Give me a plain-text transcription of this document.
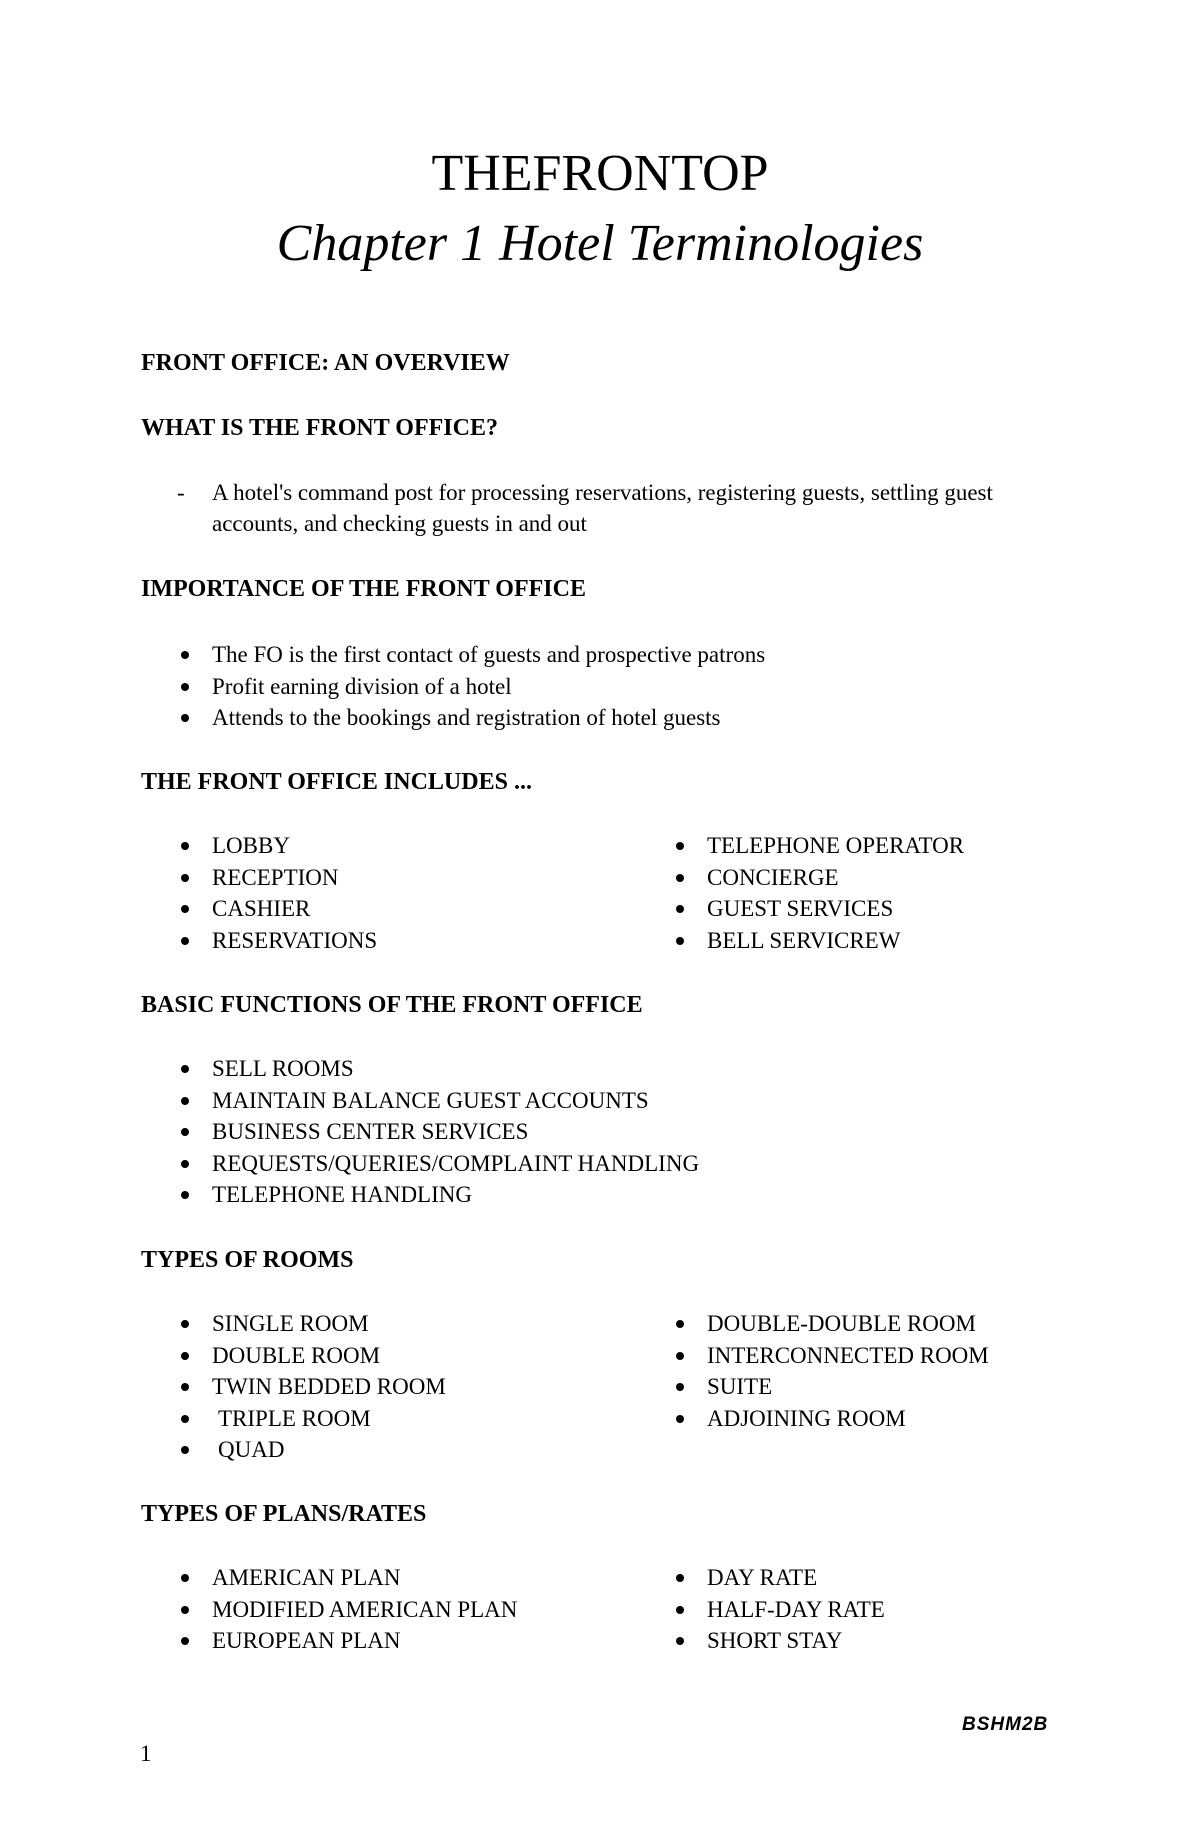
THEFRONTOP
Chapter 1 Hotel Terminologies
FRONT OFFICE: AN OVERVIEW
WHAT IS THE FRONT OFFICE?
- A hotel's command post for processing reservations, registering guests, settling guest accounts, and checking guests in and out
IMPORTANCE OF THE FRONT OFFICE
The FO is the first contact of guests and prospective patrons
Profit earning division of a hotel
Attends to the bookings and registration of hotel guests
THE FRONT OFFICE INCLUDES ...
LOBBY
RECEPTION
CASHIER
RESERVATIONS
TELEPHONE OPERATOR
CONCIERGE
GUEST SERVICES
BELL SERVICREW
BASIC FUNCTIONS OF THE FRONT OFFICE
SELL ROOMS
MAINTAIN BALANCE GUEST ACCOUNTS
BUSINESS CENTER SERVICES
REQUESTS/QUERIES/COMPLAINT HANDLING
TELEPHONE HANDLING
TYPES OF ROOMS
SINGLE ROOM
DOUBLE ROOM
TWIN BEDDED ROOM
TRIPLE ROOM
QUAD
DOUBLE-DOUBLE ROOM
INTERCONNECTED ROOM
SUITE
ADJOINING ROOM
TYPES OF PLANS/RATES
AMERICAN PLAN
MODIFIED AMERICAN PLAN
EUROPEAN PLAN
DAY RATE
HALF-DAY RATE
SHORT STAY
BSHM2B
1
